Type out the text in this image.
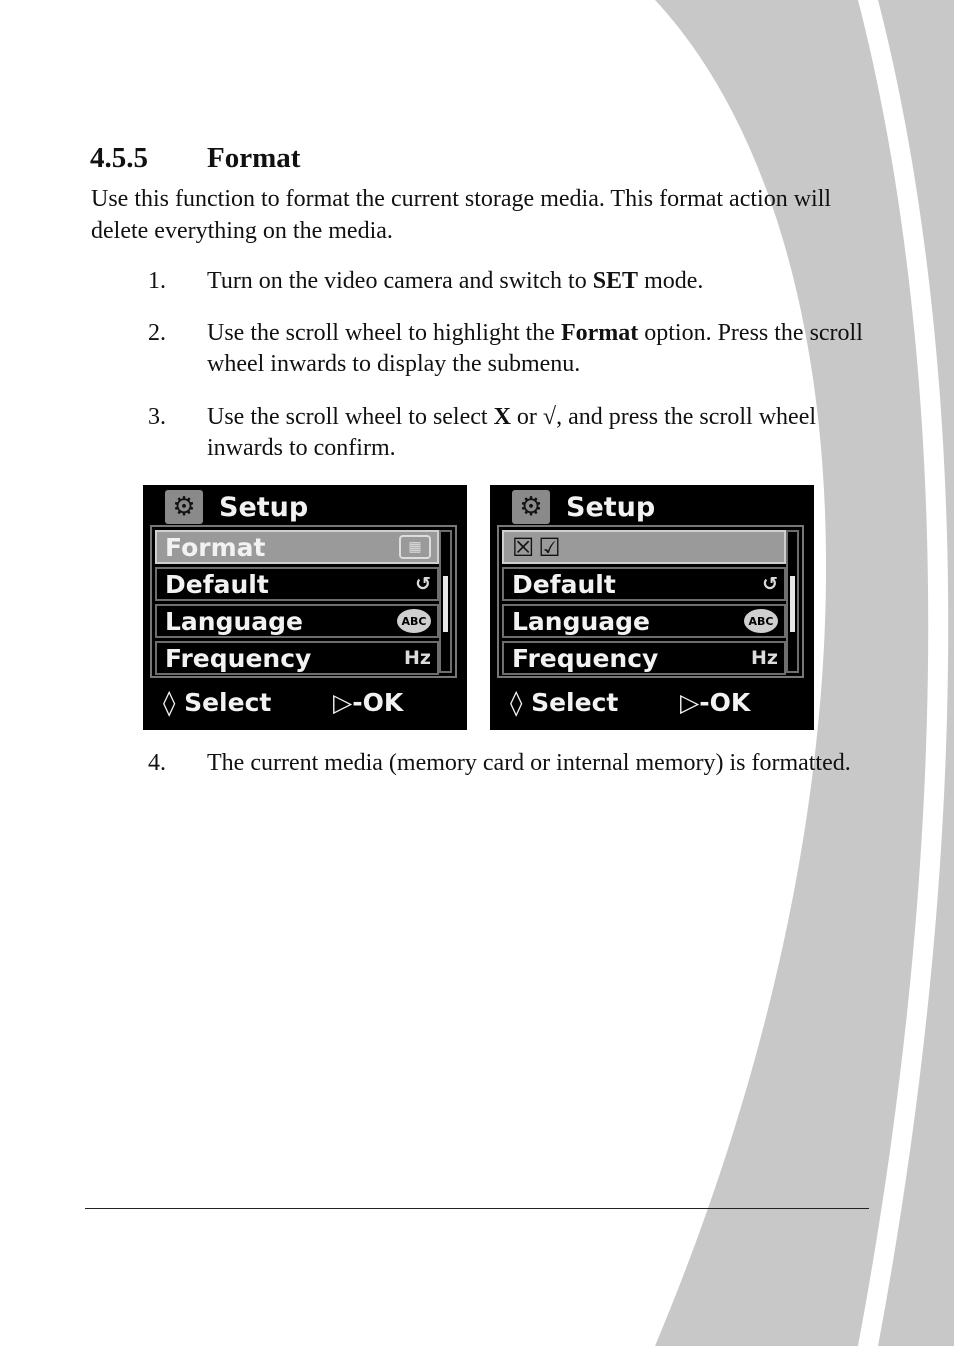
4.5.5 Format

Use this function to format the current storage media. This format action will delete everything on the media.

1. Turn on the video camera and switch to SET mode.
2. Use the scroll wheel to highlight the Format option. Press the scroll wheel inwards to display the submenu.
3. Use the scroll wheel to select X or √, and press the scroll wheel inwards to confirm.
⚙ Setup
Format	▦
Default	↺
Language	ABC
Frequency	Hz
◊ Select ▷-OK
⚙ Setup
☒ ☑
Default	↺
Language	ABC
Frequency	Hz
◊ Select ▷-OK
4. The current media (memory card or internal memory) is formatted.
